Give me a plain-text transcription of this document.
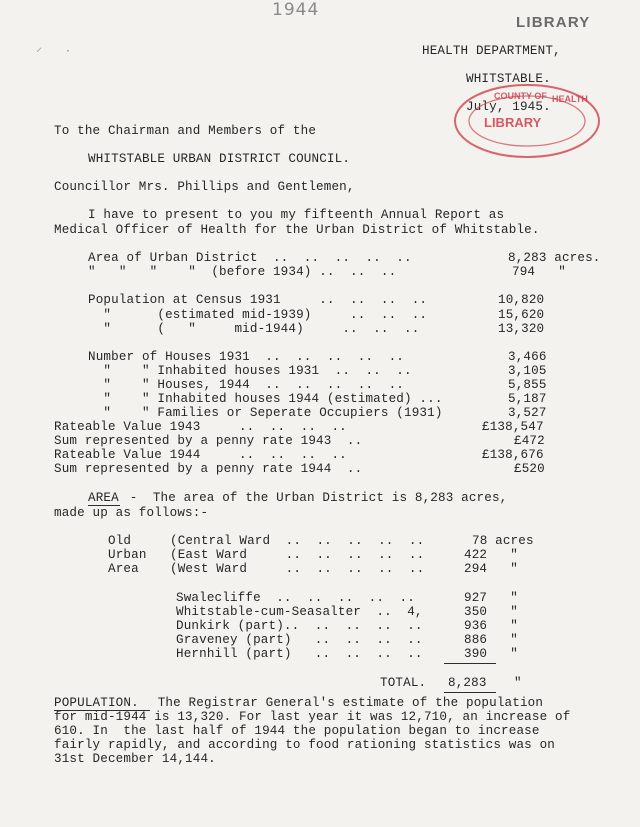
1944
LIBRARY
⸝ ·	HEALTH DEPARTMENT,
WHITSTABLE.
July, 1945.
COUNTY OF HEALTH
LIBRARY
To the Chairman and Members of the
WHITSTABLE URBAN DISTRICT COUNCIL.
Councillor Mrs. Phillips and Gentlemen,
I have to present to you my fifteenth Annual Report as
Medical Officer of Health for the Urban District of Whitstable.
Area of Urban District  ..  ..  ..  ..  ..	8,283 acres.
"   "   "    "  (before 1934) ..  ..  ..	794   "
Population at Census 1931     ..  ..  ..  ..	10,820
"      (estimated mid-1939)     ..  ..  ..	15,620
"      (   "     mid-1944)     ..  ..  ..	13,320
Number of Houses 1931  ..  ..  ..  ..  ..	3,466
"    " Inhabited houses 1931  ..  ..  ..	3,105
"    " Houses, 1944  ..  ..  ..  ..  ..	5,855
"    " Inhabited houses 1944 (estimated) ...	5,187
"    " Families or Seperate Occupiers (1931)	3,527
Rateable Value 1943     ..  ..  ..  ..	£138,547
Sum represented by a penny rate 1943  ..	£472
Rateable Value 1944     ..  ..  ..  ..	£138,676
Sum represented by a penny rate 1944  ..	£520
AREA -  The area of the Urban District is 8,283 acres,
made up as follows:-
Old
Urban
Area
(Central Ward  ..  ..  ..  ..  ..	78 acres
(East Ward     ..  ..  ..  ..  ..	422   "
(West Ward     ..  ..  ..  ..  ..	294   "
Swalecliffe  ..  ..  ..  ..  ..	927   "
Whitstable-cum-Seasalter  ..  4,	350   "
Dunkirk (part)..  ..  ..  ..  ..	936   "
Graveney (part)   ..  ..  ..  ..	886   "
Hernhill (part)   ..  ..  ..  ..	390   "
TOTAL. 8,283 "
POPULATION. The Registrar General's estimate of the population
for mid-1944 is 13,320. For last year it was 12,710, an increase of
610. In  the last half of 1944 the population began to increase
fairly rapidly, and according to food rationing statistics was on
31st December 14,144.
